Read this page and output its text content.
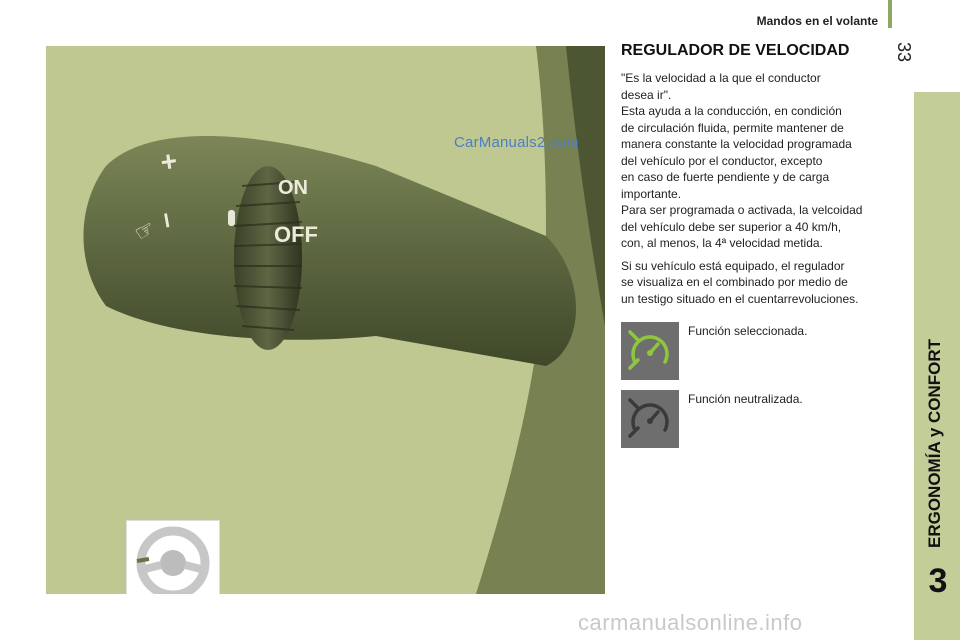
Mandos en el volante
33
ERGONOMÍA y CONFORT
3
ON
OFF
+
–
☞
CarManuals2.com
REGULADOR DE VELOCIDAD

"Es la velocidad a la que el conductor
desea ir".
Esta ayuda a la conducción, en condición
de circulación fluida, permite mantener de
manera constante la velocidad programada
del vehículo por el conductor, excepto
en caso de fuerte pendiente y de carga
importante.
Para ser programada o activada, la velcoidad
del vehículo debe ser superior a 40 km/h,
con, al menos, la 4ª velocidad metida.

Si su vehículo está equipado, el regulador
se visualiza en el combinado por medio de
un testigo situado en el cuentarrevoluciones.

Función seleccionada.
Función neutralizada.
carmanualsonline.info
